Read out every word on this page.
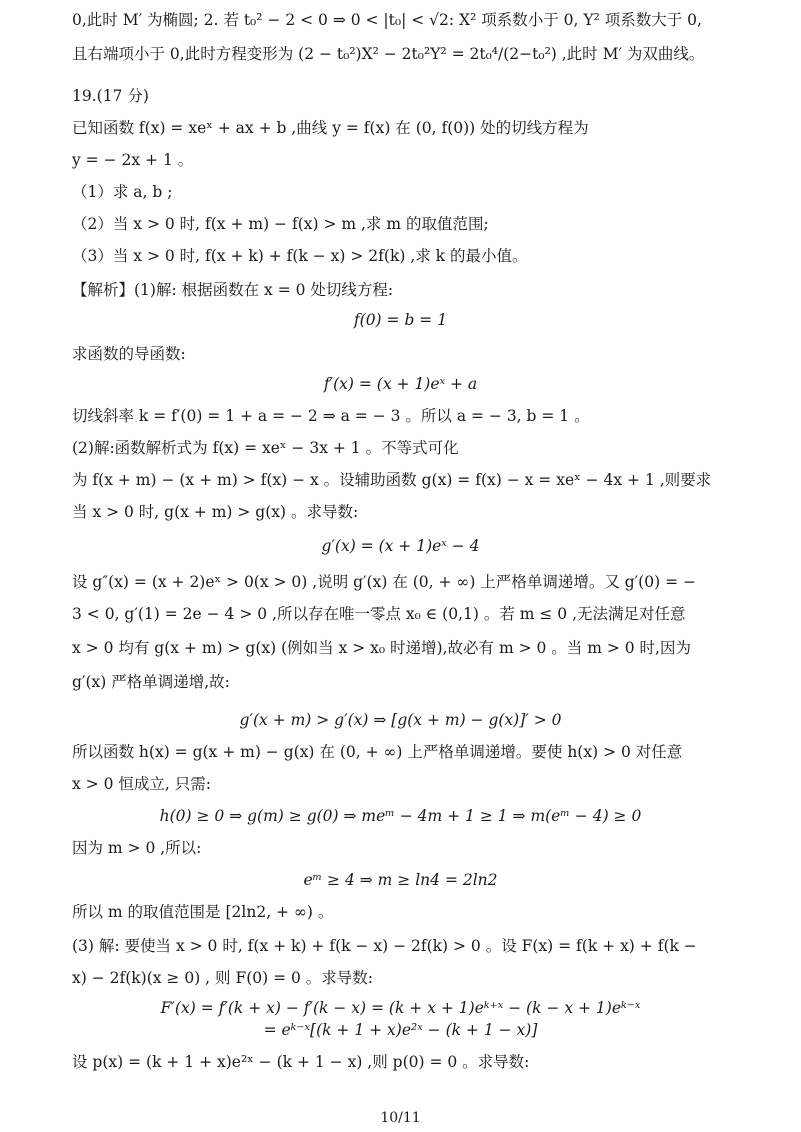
0,此时 M′ 为椭圆; 2. 若 t₀² − 2 < 0 ⇒ 0 < |t₀| < √2: X² 项系数小于 0, Y² 项系数大于 0,
且右端项小于 0,此时方程变形为 (2 − t₀²)X² − 2t₀²Y² = 2t₀⁴/(2−t₀²) ,此时 M′ 为双曲线。
19.(17 分)
已知函数 f(x) = xeˣ + ax + b ,曲线 y = f(x) 在 (0, f(0)) 处的切线方程为
y = − 2x + 1 。
（1）求 a, b ;
（2）当 x > 0 时, f(x + m) − f(x) > m ,求 m 的取值范围;
（3）当 x > 0 时, f(x + k) + f(k − x) > 2f(k) ,求 k 的最小值。
【解析】(1)解: 根据函数在 x = 0 处切线方程:
f(0) = b = 1
求函数的导函数:
f′(x) = (x + 1)eˣ + a
切线斜率 k = f′(0) = 1 + a = − 2 ⇒ a = − 3 。所以 a = − 3, b = 1 。
(2)解:函数解析式为 f(x) = xeˣ − 3x + 1 。不等式可化
为 f(x + m) − (x + m) > f(x) − x 。设辅助函数 g(x) = f(x) − x = xeˣ − 4x + 1 ,则要求
当 x > 0 时, g(x + m) > g(x) 。求导数:
g′(x) = (x + 1)eˣ − 4
设 g″(x) = (x + 2)eˣ > 0(x > 0) ,说明 g′(x) 在 (0, + ∞) 上严格单调递增。又 g′(0) = −
3 < 0, g′(1) = 2e − 4 > 0 ,所以存在唯一零点 x₀ ∈ (0,1) 。若 m ≤ 0 ,无法满足对任意
x > 0 均有 g(x + m) > g(x) (例如当 x > x₀ 时递增),故必有 m > 0 。当 m > 0 时,因为
g′(x) 严格单调递增,故:
g′(x + m) > g′(x) ⇒ [g(x + m) − g(x)]′ > 0
所以函数 h(x) = g(x + m) − g(x) 在 (0, + ∞) 上严格单调递增。要使 h(x) > 0 对任意
x > 0 恒成立, 只需:
h(0) ≥ 0 ⇒ g(m) ≥ g(0) ⇒ meᵐ − 4m + 1 ≥ 1 ⇒ m(eᵐ − 4) ≥ 0
因为 m > 0 ,所以:
eᵐ ≥ 4 ⇒ m ≥ ln4 = 2ln2
所以 m 的取值范围是 [2ln2, + ∞) 。
(3) 解: 要使当 x > 0 时, f(x + k) + f(k − x) − 2f(k) > 0 。设 F(x) = f(k + x) + f(k −
x) − 2f(k)(x ≥ 0) , 则 F(0) = 0 。求导数:
F′(x) = f′(k + x) − f′(k − x) = (k + x + 1)eᵏ⁺ˣ − (k − x + 1)eᵏ⁻ˣ
= eᵏ⁻ˣ[(k + 1 + x)e²ˣ − (k + 1 − x)]
设 p(x) = (k + 1 + x)e²ˣ − (k + 1 − x) ,则 p(0) = 0 。求导数:
10/11
